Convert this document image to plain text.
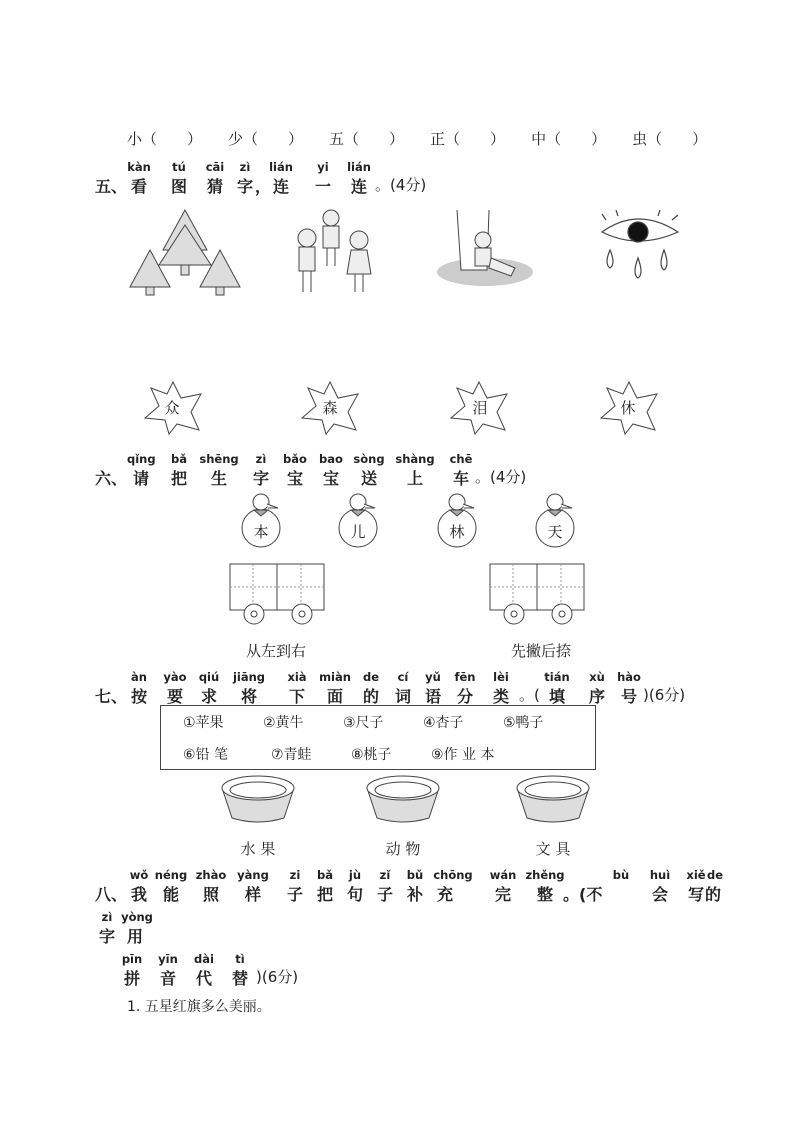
小（　　） 少（　　） 五（　　） 正（　　） 中（　　） 虫（　　）
五、
kàn
看
tú
图
cāi
猜
zì
字 ，
lián
连
yi
一
lián
连 。(4分)
众	森	泪	休
六、
qǐng
请
bǎ
把
shēng
生
zì
字
bǎo
宝
bao
宝
sòng
送
shàng
上
chē
车 。(4分)
本	儿	林	天
从左到右	先撇后捺
七、
àn
按
yào
要
qiú
求
jiāng
将
xià
下
miàn
面
de
的
cí
词
yǔ
语
fēn
分
lèi
类 。(
tián
填
xù
序
hào
号 )(6分)
①苹果	②黄牛	③尺子	④杏子	⑤鸭子
⑥铅 笔	⑦青蛙	⑧桃子	⑨作 业 本
水 果	动 物	文 具
八、
wǒ
我
néng
能
zhào
照
yàng
样
zi
子
bǎ
把
jù
句
zǐ
子
bǔ
补
chōng
充
wán
完
zhěng
整 。(不
bù	huì
会
xiě
写
de
的
zì
字
yòng
用
pīn
拼
yīn
音
dài
代
tì
替 )(6分)
1. 五星红旗多么美丽。
